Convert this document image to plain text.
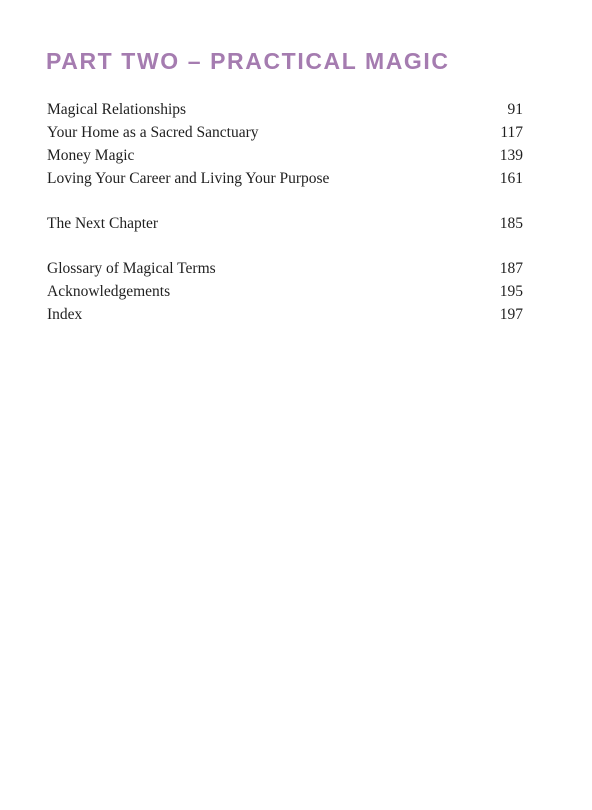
PART TWO – PRACTICAL MAGIC
Magical Relationships	91
Your Home as a Sacred Sanctuary	117
Money Magic	139
Loving Your Career and Living Your Purpose	161
The Next Chapter	185
Glossary of Magical Terms	187
Acknowledgements	195
Index	197
